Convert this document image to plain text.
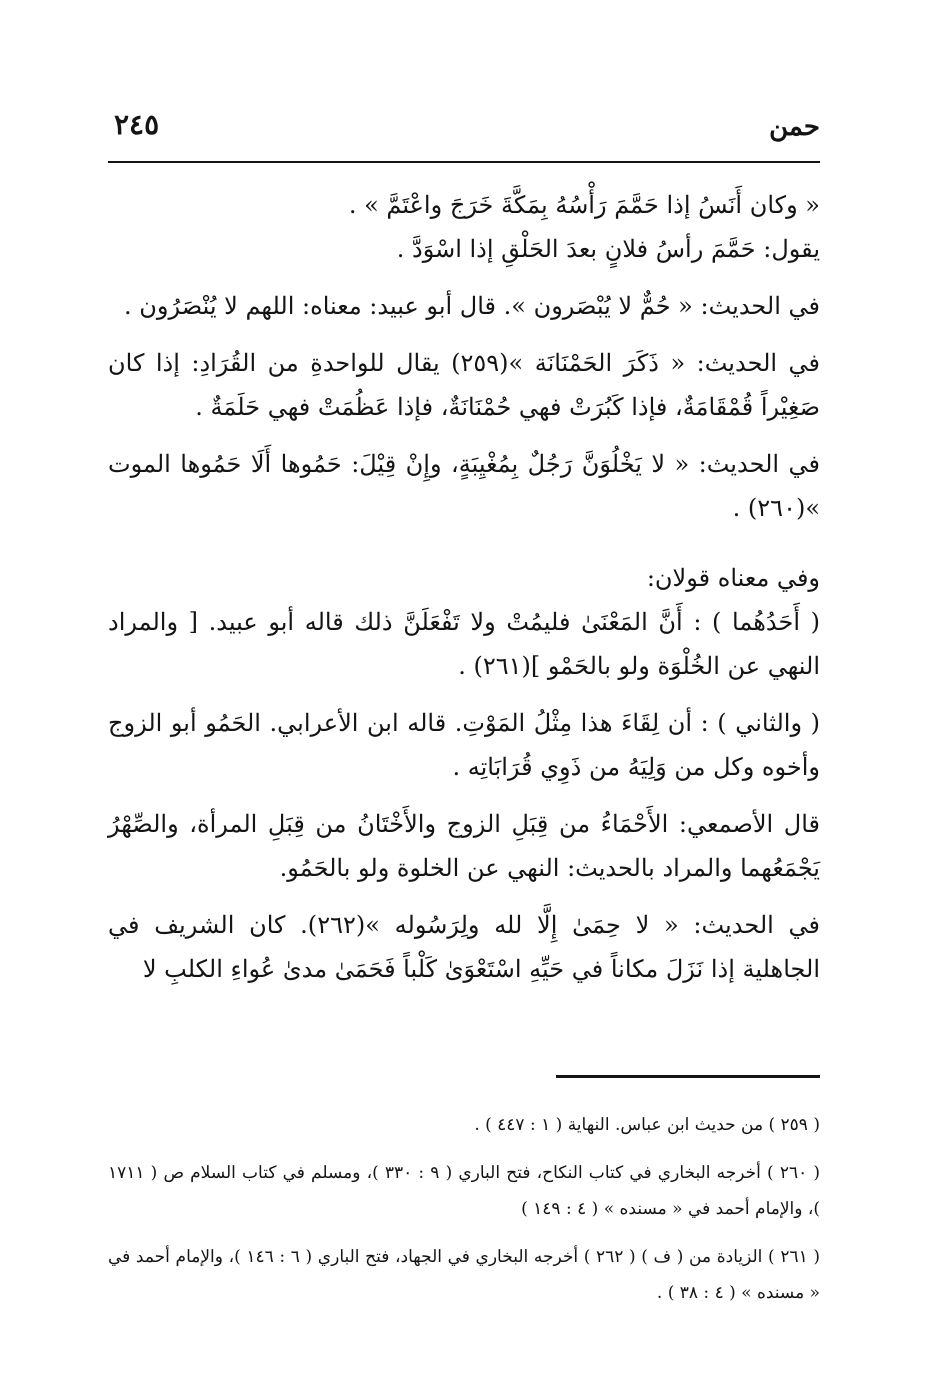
حمن
٢٤٥

« وكان أَنَسُ إذا حَمَّمَ رَأْسُهُ بِمَكَّةَ خَرَجَ واعْتَمَّ » .

يقول: حَمَّمَ رأسُ فلانٍ بعدَ الحَلْقِ إذا اسْوَدَّ .

في الحديث: « حُمٌّ لا يُبْصَرون ». قال أبو عبيد: معناه: اللهم لا يُنْصَرُون .

في الحديث: « ذَكَرَ الحَمْنَانَة »(٢٥٩) يقال للواحدةِ من القُرَادِ: إذا كان صَغِيْراً قُمْقَامَةٌ، فإذا كَبُرَتْ فهي حُمْنَانَةٌ، فإذا عَظُمَتْ فهي حَلَمَةٌ .

في الحديث: « لا يَخْلُوَنَّ رَجُلٌ بِمُغْيِبَةٍ، وإِنْ قِيْلَ: حَمُوها أَلَا حَمُوها الموت »(٢٦٠) .

وفي معناه قولان:

( أَحَدُهُما ) : أَنَّ المَعْنَىٰ فليمُتْ ولا تَفْعَلَنَّ ذلك قاله أبو عبيد. [ والمراد النهي عن الخُلْوَة ولو بالحَمْو ](٢٦١) .

( والثاني ) : أن لِقَاءَ هذا مِثْلُ المَوْتِ. قاله ابن الأعرابي. الحَمُو أبو الزوج وأخوه وكل من وَلِيَهُ من ذَوِي قُرَابَاتِه .

قال الأصمعي: الأَحْمَاءُ من قِبَلِ الزوج والأَخْتَانُ من قِبَلِ المرأة، والصِّهْرُ يَجْمَعُهما والمراد بالحديث: النهي عن الخلوة ولو بالحَمُو.

في الحديث: « لا حِمَىٰ إِلَّا لله ولِرَسُوله »(٢٦٢). كان الشريف في الجاهلية إذا نَزَلَ مكاناً في حَيِّهِ اسْتَعْوَىٰ كَلْباً فَحَمَىٰ مدىٰ عُواءِ الكلبِ لا

( ٢٥٩ ) من حديث ابن عباس. النهاية ( ١ : ٤٤٧ ) .

( ٢٦٠ ) أخرجه البخاري في كتاب النكاح، فتح الباري ( ٩ : ٣٣٠ )، ومسلم في كتاب السلام ص ( ١٧١١ )، والإمام أحمد في « مسنده » ( ٤ : ١٤٩ )

( ٢٦١ ) الزيادة من ( ف ) ( ٢٦٢ ) أخرجه البخاري في الجهاد، فتح الباري ( ٦ : ١٤٦ )، والإمام أحمد في « مسنده » ( ٤ : ٣٨ ) .
